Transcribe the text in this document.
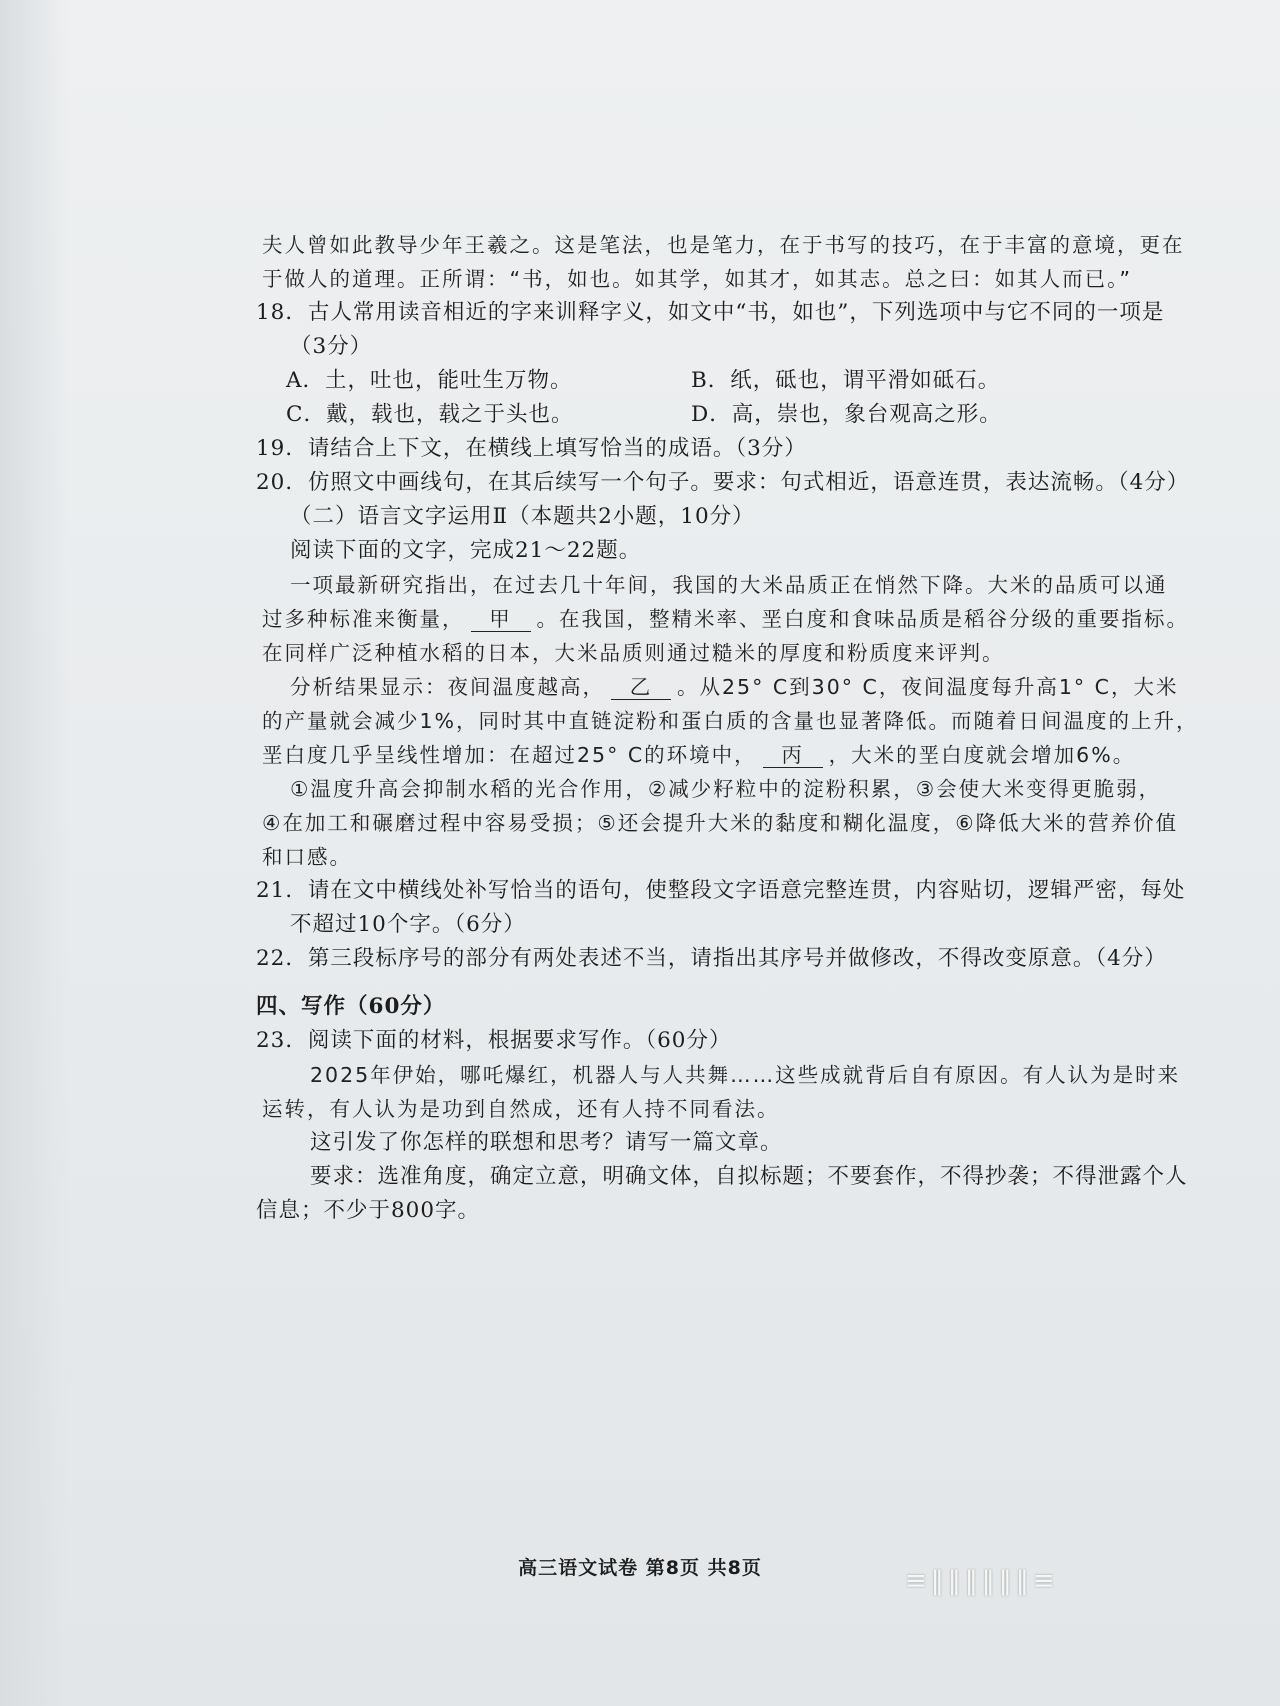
夫人曾如此教导少年王羲之。这是笔法，也是笔力，在于书写的技巧，在于丰富的意境，更在
于做人的道理。正所谓：“书，如也。如其学，如其才，如其志。总之曰：如其人而已。”
18．古人常用读音相近的字来训释字义，如文中“书，如也”，下列选项中与它不同的一项是
（3分）
A．土，吐也，能吐生万物。	B．纸，砥也，谓平滑如砥石。
C．戴，载也，载之于头也。	D．高，崇也，象台观高之形。
19．请结合上下文，在横线上填写恰当的成语。（3分）
20．仿照文中画线句，在其后续写一个句子。要求：句式相近，语意连贯，表达流畅。（4分）
（二）语言文字运用Ⅱ（本题共2小题，10分）
阅读下面的文字，完成21～22题。
一项最新研究指出，在过去几十年间，我国的大米品质正在悄然下降。大米的品质可以通
过多种标准来衡量， 甲 。在我国，整精米率、垩白度和食味品质是稻谷分级的重要指标。
在同样广泛种植水稻的日本，大米品质则通过糙米的厚度和粉质度来评判。
分析结果显示：夜间温度越高， 乙 。从25° C到30° C，夜间温度每升高1° C，大米
的产量就会减少1%，同时其中直链淀粉和蛋白质的含量也显著降低。而随着日间温度的上升，
垩白度几乎呈线性增加：在超过25° C的环境中， 丙 ，大米的垩白度就会增加6%。
①温度升高会抑制水稻的光合作用，②减少籽粒中的淀粉积累，③会使大米变得更脆弱，
④在加工和碾磨过程中容易受损；⑤还会提升大米的黏度和糊化温度，⑥降低大米的营养价值
和口感。
21．请在文中横线处补写恰当的语句，使整段文字语意完整连贯，内容贴切，逻辑严密，每处
不超过10个字。（6分）
22．第三段标序号的部分有两处表述不当，请指出其序号并做修改，不得改变原意。（4分）
四、写作（60分）
23．阅读下面的材料，根据要求写作。（60分）
2025年伊始，哪吒爆红，机器人与人共舞……这些成就背后自有原因。有人认为是时来
运转，有人认为是功到自然成，还有人持不同看法。
这引发了你怎样的联想和思考？请写一篇文章。
要求：选准角度，确定立意，明确文体，自拟标题；不要套作，不得抄袭；不得泄露个人
信息；不少于800字。
高三语文试卷 第8页 共8页	≡‖‖‖‖‖‖≡
